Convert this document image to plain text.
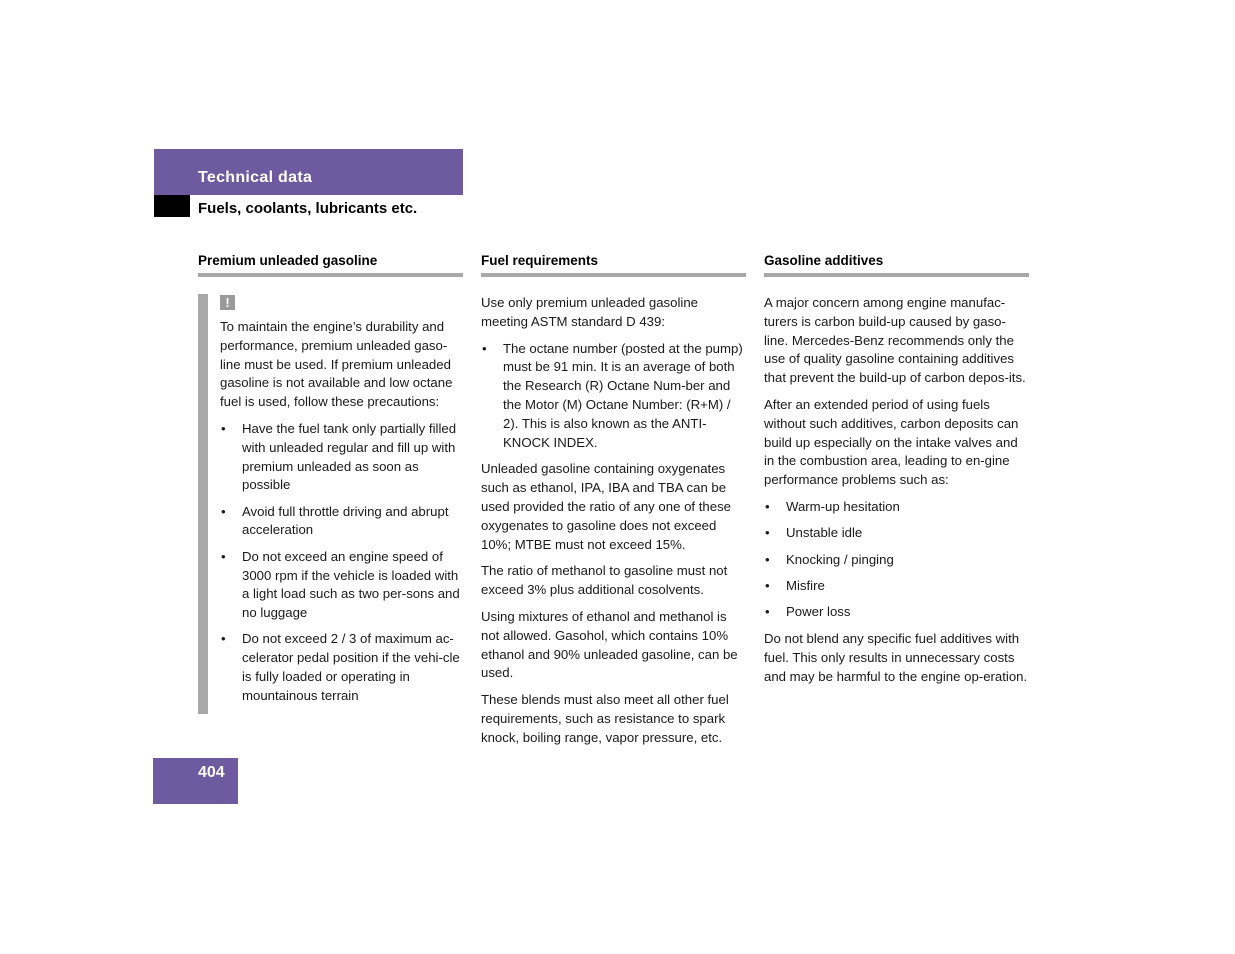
Technical data
Fuels, coolants, lubricants etc.
Premium unleaded gasoline
!

To maintain the engine’s durability and performance, premium unleaded gaso-line must be used. If premium unleaded gasoline is not available and low octane fuel is used, follow these precautions:

• Have the fuel tank only partially filled with unleaded regular and fill up with premium unleaded as soon as possible
• Avoid full throttle driving and abrupt acceleration
• Do not exceed an engine speed of 3000 rpm if the vehicle is loaded with a light load such as two per-sons and no luggage
• Do not exceed 2 / 3 of maximum ac-celerator pedal position if the vehi-cle is fully loaded or operating in mountainous terrain
Fuel requirements

Use only premium unleaded gasoline meeting ASTM standard D 439:

• The octane number (posted at the pump) must be 91 min. It is an average of both the Research (R) Octane Num-ber and the Motor (M) Octane Number: (R+M) / 2). This is also known as the ANTI-KNOCK INDEX.

Unleaded gasoline containing oxygenates such as ethanol, IPA, IBA and TBA can be used provided the ratio of any one of these oxygenates to gasoline does not exceed 10%; MTBE must not exceed 15%.

The ratio of methanol to gasoline must not exceed 3% plus additional cosolvents.

Using mixtures of ethanol and methanol is not allowed. Gasohol, which contains 10% ethanol and 90% unleaded gasoline, can be used.

These blends must also meet all other fuel requirements, such as resistance to spark knock, boiling range, vapor pressure, etc.

Gasoline additives

A major concern among engine manufac-turers is carbon build-up caused by gaso-line. Mercedes-Benz recommends only the use of quality gasoline containing additives that prevent the build-up of carbon depos-its.

After an extended period of using fuels without such additives, carbon deposits can build up especially on the intake valves and in the combustion area, leading to en-gine performance problems such as:

• Warm-up hesitation
• Unstable idle
• Knocking / pinging
• Misfire
• Power loss

Do not blend any specific fuel additives with fuel. This only results in unnecessary costs and may be harmful to the engine op-eration.

404
